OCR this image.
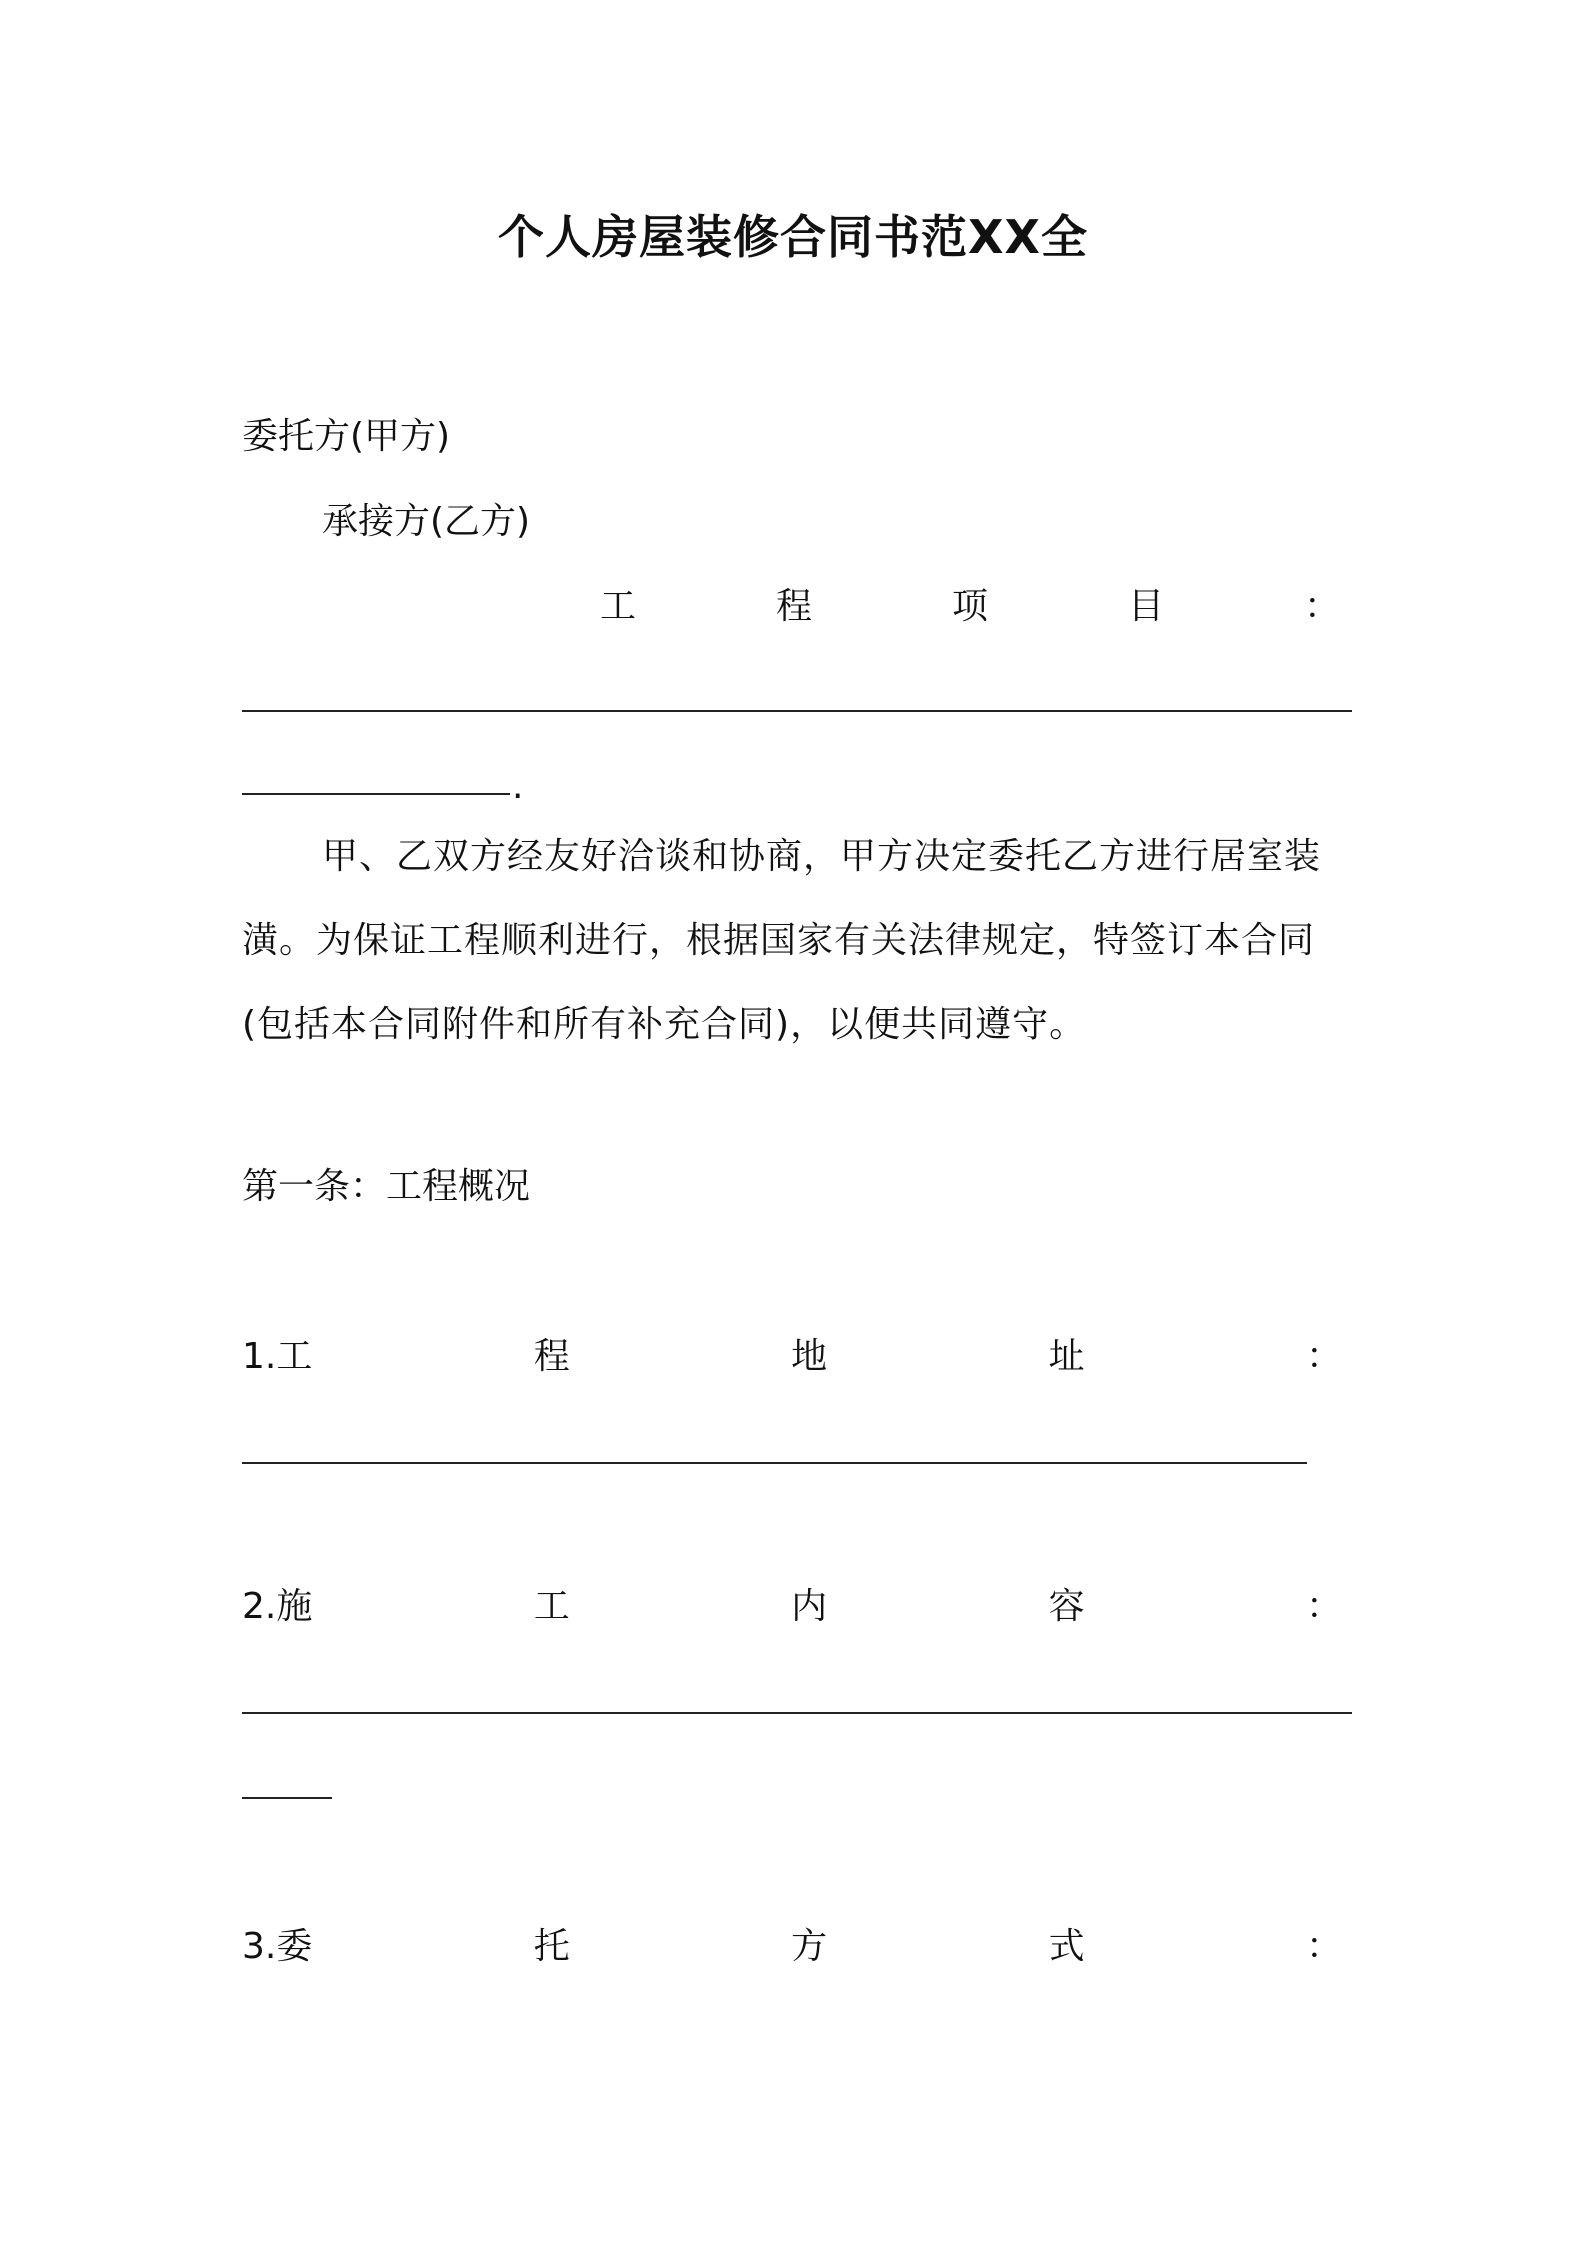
个人房屋装修合同书范XX全
委托方(甲方)
承接方(乙方)
工	程	项	目	：
.
甲、乙双方经友好洽谈和协商，甲方决定委托乙方进行居室装潢。为保证工程顺利进行，根据国家有关法律规定，特签订本合同(包括本合同附件和所有补充合同)，以便共同遵守。
第一条：工程概况
1.工	程	地	址	：
2.施	工	内	容	：
3.委	托	方	式	：
